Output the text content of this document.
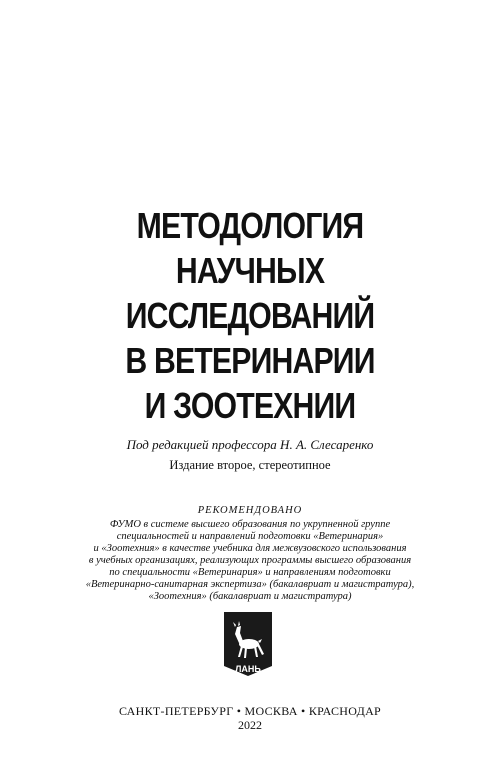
МЕТОДОЛОГИЯ
НАУЧНЫХ
ИССЛЕДОВАНИЙ
В ВЕТЕРИНАРИИ
И ЗООТЕХНИИ
Под редакцией профессора Н. А. Слесаренко
Издание второе, стереотипное
РЕКОМЕНДОВАНО
ФУМО в системе высшего образования по укрупненной группе
специальностей и направлений подготовки «Ветеринария»
и «Зоотехния» в качестве учебника для межвузовского использования
в учебных организациях, реализующих программы высшего образования
по специальности «Ветеринария» и направлениям подготовки
«Ветеринарно-санитарная экспертиза» (бакалавриат и магистратура),
«Зоотехния» (бакалавриат и магистратура)
ЛАНЬ
САНКТ-ПЕТЕРБУРГ • МОСКВА • КРАСНОДАР
2022
